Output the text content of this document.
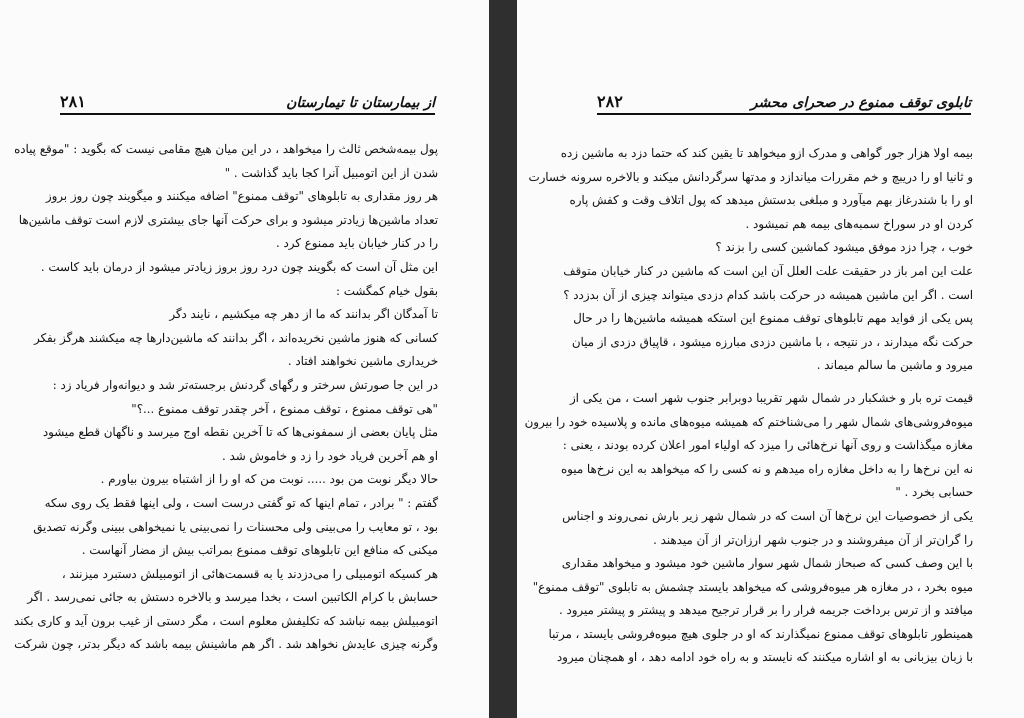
از بیمارستان تا تیمارستان
۲۸۱
پول بیمه‌شخص ثالث را میخواهد ، در این میان هیچ مقامی نیست که بگوید : "موقع پیاده
شدن از این اتومبیل آنرا کجا باید گذاشت . "
هر روز مقداری به تابلوهای "توقف ممنوع" اضافه میکنند و میگویند چون روز بروز
تعداد ماشین‌ها زیادتر میشود و برای حرکت آنها جای بیشتری لازم است توقف ماشین‌ها
را در کنار خیابان باید ممنوع کرد .
این مثل آن است که بگویند چون درد روز بروز زیادتر میشود از درمان باید کاست .
بقول خیام کمگشت :
تا آمدگان اگر بدانند که ما از دهر چه میکشیم ، نایند دگر
کسانی که هنوز ماشین نخریده‌اند ، اگر بدانند که ماشین‌دارها چه میکشند هرگز بفکر
خریداری ماشین نخواهند افتاد .
در این جا صورتش سرختر و رگهای گردنش برجسته‌تر شد و دیوانه‌وار فریاد زد :
"هی توقف ممنوع ، توقف ممنوع ، آخر چقدر توقف ممنوع ...؟"
مثل پایان بعضی از سمفونی‌ها که تا آخرین نقطه اوج میرسد و ناگهان قطع میشود
او هم آخرین فریاد خود را زد و خاموش شد .
حالا دیگر نوبت من بود ..... نوبت من که او را از اشتباه بیرون بیاورم .
گفتم : " برادر ، تمام اینها که تو گفتی درست است ، ولی اینها فقط یک روی سکه
بود ، تو معایب را می‌بینی ولی محسنات را نمی‌بینی یا نمیخواهی ببینی وگرنه تصدیق
میکنی که منافع این تابلوهای توقف ممنوع بمراتب بیش از مضار آنهاست .
هر کسیکه اتومبیلی را می‌دزدند یا به قسمت‌هائی از اتومبیلش دستبرد میزنند ،
حسابش با کرام الکاتبین است ، بخدا میرسد و بالاخره دستش به جائی نمی‌رسد . اگر
اتومبیلش بیمه نباشد که تکلیفش معلوم است ، مگر دستی از غیب برون آید و کاری بکند
وگرنه چیزی عایدش نخواهد شد . اگر هم ماشینش بیمه باشد که دیگر بدتر، چون شرکت
تابلوی توقف ممنوع در صحرای محشر
۲۸۲
بیمه اولا هزار جور گواهی و مدرک ازو میخواهد تا یقین کند که حتما دزد به ماشین زده
و ثانیا او را دریبچ و خم مقررات میاندازد و مدتها سرگردانش میکند و بالاخره سرونه خسارت
او را با شندرغاز بهم میآورد و مبلغی بدستش میدهد که پول اتلاف وقت و کفش پاره
کردن او در سوراخ سمبه‌های بیمه هم نمیشود .
خوب ، چرا دزد موفق میشود کماشین کسی را بزند ؟
علت این امر باز در حقیقت علت العلل آن این است که ماشین در کنار خیابان متوقف
است . اگر این ماشین همیشه در حرکت باشد کدام دزدی میتواند چیزی از آن بدزدد ؟
پس یکی از فواید مهم تابلوهای توقف ممنوع این استکه همیشه ماشین‌ها را در حال
حرکت نگه میدارند ، در نتیجه ، با ماشین دزدی مبارزه میشود ، قاپیاق دزدی از میان
میرود و ماشین ما سالم میماند .
قیمت تره بار و خشکبار در شمال شهر تقریبا دوبرابر جنوب شهر است ، من یکی از
میوه‌فروشی‌های شمال شهر را می‌شناختم که همیشه میوه‌های مانده و پلاسیده خود را بیرون
مغازه میگذاشت و روی آنها نرخ‌هائی را میزد که اولیاء امور اعلان کرده بودند ، یعنی :
نه این نرخ‌ها را به داخل مغازه راه میدهم و نه کسی را که میخواهد به این نرخ‌ها میوه
حسابی بخرد . "
یکی از خصوصیات این نرخ‌ها آن است که در شمال شهر زیر بارش نمی‌روند و اجناس
را گران‌تر از آن میفروشند و در جنوب شهر ارزان‌تر از آن میدهند .
با این وصف کسی که صبحاز شمال شهر سوار ماشین خود میشود و میخواهد مقداری
میوه بخرد ، در مغازه هر میوه‌فروشی که میخواهد بایستد چشمش به تابلوی "توقف ممنوع"
میافتد و از ترس برداخت جریمه فرار را بر قرار ترجیح میدهد و پیشتر و پیشتر میرود .
همینطور تابلوهای توقف ممنوع نمیگذارند که او در جلوی هیچ میوه‌فروشی بایستد ، مرتبا
با زبان بیزبانی به او اشاره میکنند که نایستد و به راه خود ادامه دهد ، او همچنان میرود
